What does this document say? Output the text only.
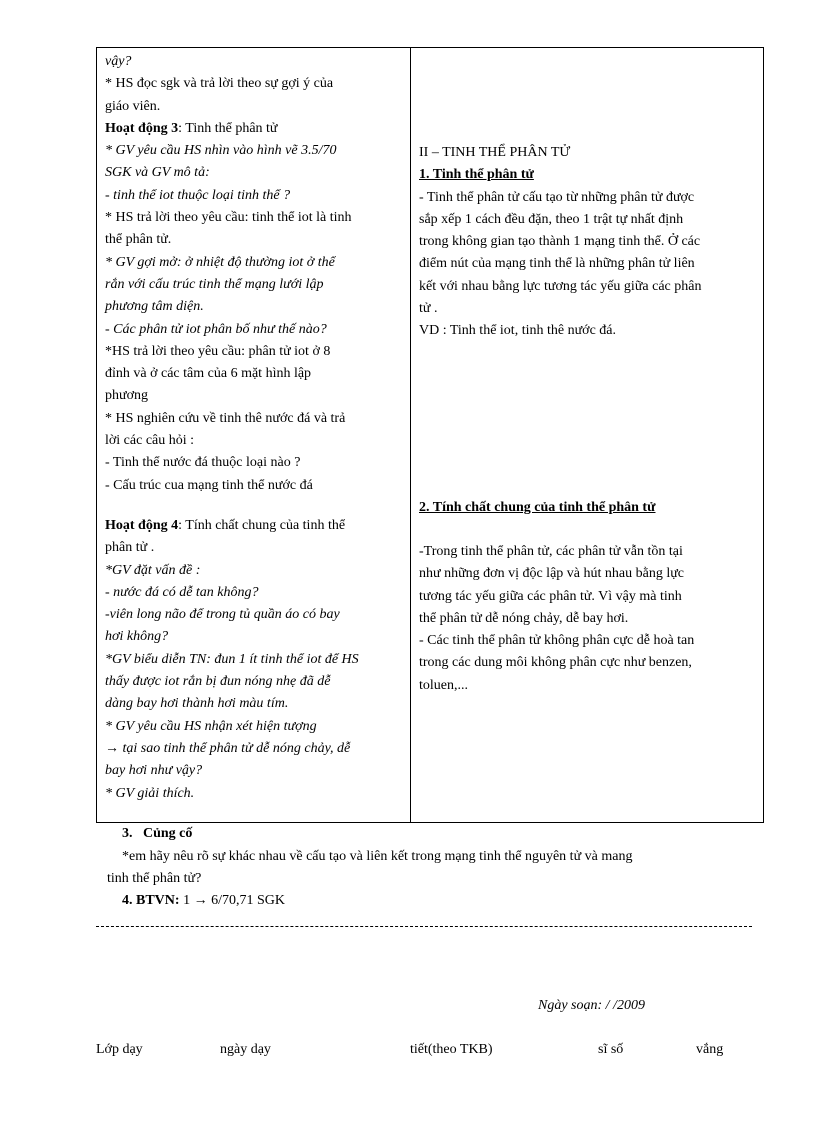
vậy?
* HS đọc sgk và trả lời theo sự gợi ý của
giáo viên.
Hoạt động 3: Tinh thể phân tử
* GV yêu cầu HS nhìn vào hình vẽ 3.5/70
SGK và GV mô tả:
- tinh thể iot thuộc loại tinh thể ?
* HS trả lời theo yêu cầu: tinh thể iot là tinh
thể phân tử.
* GV gợi mở: ở nhiệt độ thường iot ở thể
rắn với cấu trúc tinh thể mạng lưới lập
phương tâm diện.
- Các phân tử iot phân bố như thế nào?
*HS trả lời theo yêu cầu: phân tử iot ở 8
đỉnh và ở các tâm của 6 mặt hình lập
phương
* HS nghiên cứu về tinh thê nước đá và trả
lời các câu hỏi :
- Tinh thể nước đá thuộc loại nào ?
- Cấu trúc cua mạng tinh thể nước đá
Hoạt động 4: Tính chất chung của tinh thể
phân tử .
*GV đặt vấn đề :
- nước đá có dễ tan không?
-viên long não để trong tủ quần áo có bay
hơi không?
*GV biểu diễn TN: đun 1 ít tinh thể iot để HS
thấy được iot rắn bị đun nóng nhẹ đã dễ
dàng bay hơi thành hơi màu tím.
* GV yêu cầu HS nhận xét hiện tượng
→ tại sao tinh thể phân tử dễ nóng chảy, dễ
bay hơi như vậy?
* GV giải thích.
II – TINH THỂ PHÂN TỬ
1. Tinh thể phân tử
- Tinh thể phân tử cấu tạo từ những phân tử được
sắp xếp 1 cách đều đặn, theo 1 trật tự nhất định
trong không gian tạo thành 1 mạng tinh thể. Ở các
điểm nút của mạng tinh thể là những phân tử liên
kết với nhau bằng lực tương tác yếu giữa các phân
tử .
VD : Tinh thể iot, tinh thê nước đá.
2. Tính chất chung của tinh thể phân tử
-Trong tinh thể phân tử, các phân tử vẫn tồn tại
như những đơn vị độc lập và hút nhau bằng lực
tương tác yếu giữa các phân tử. Vì vậy mà tinh
thể phân tử dễ nóng chảy, dễ bay hơi.
- Các tinh thể phân tử không phân cực dễ hoà tan
trong các dung môi không phân cực như benzen,
toluen,...
3. Củng cố
*em hãy nêu rõ sự khác nhau về cấu tạo và liên kết trong mạng tinh thể nguyên tử và mang
tinh thể phân tử?
4. BTVN: 1 → 6/70,71 SGK
Ngày soạn: / /2009
Lớp dạy	ngày dạy	tiết(theo TKB)	sĩ số	vắng
